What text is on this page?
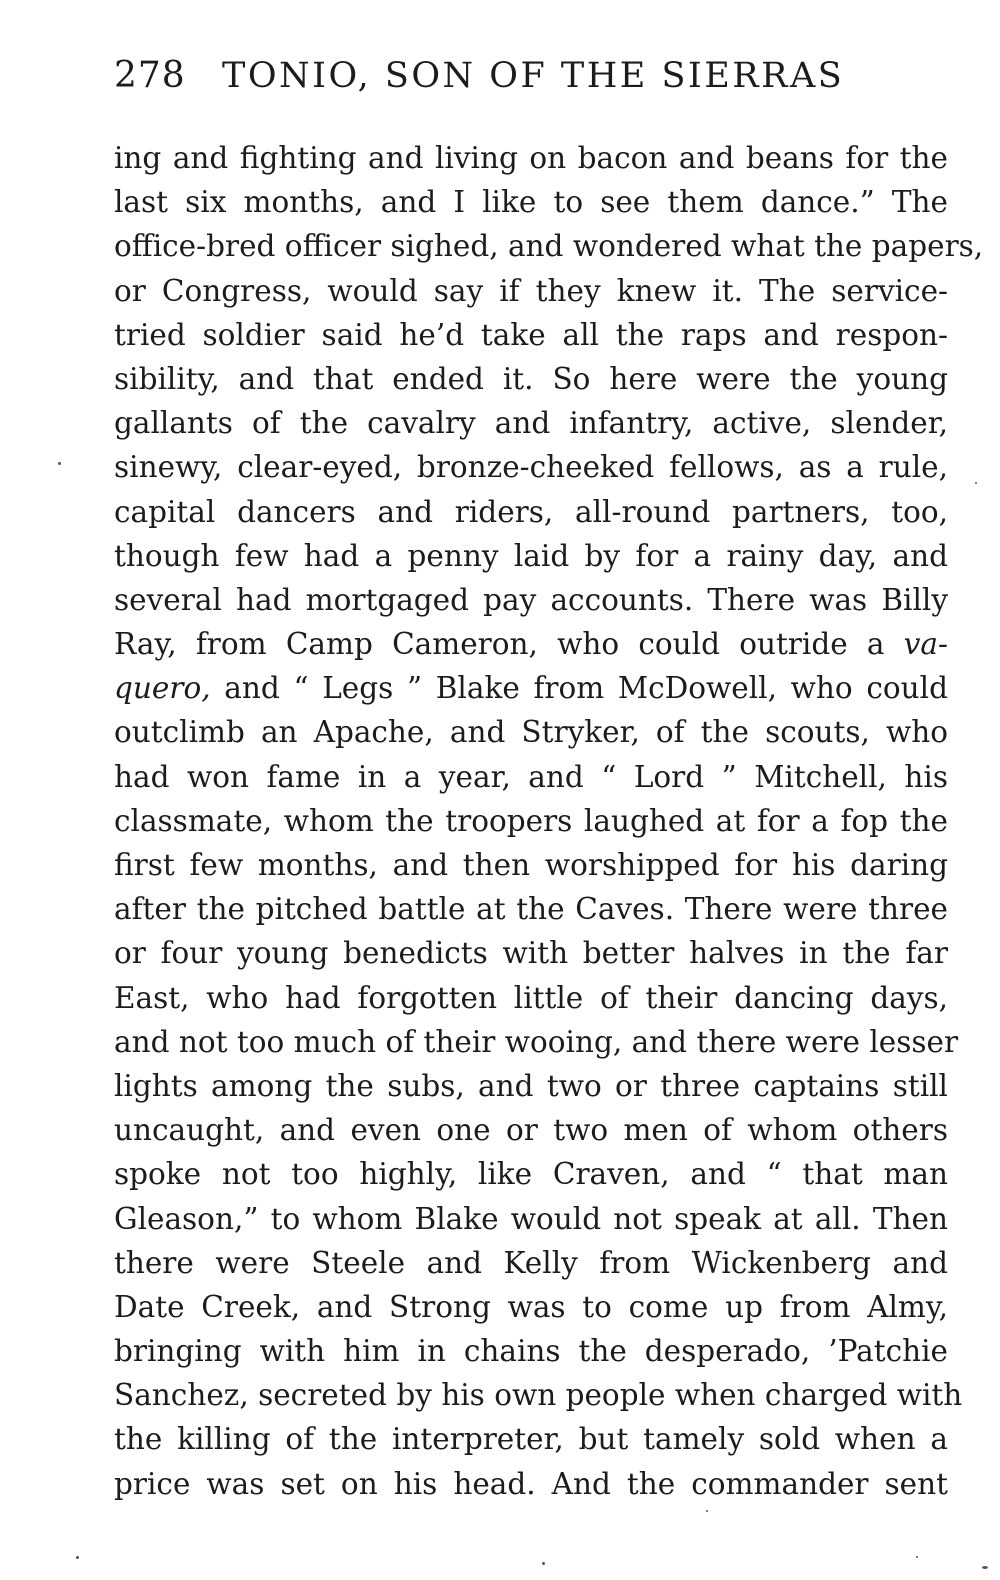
278 TONIO, SON OF THE SIERRAS
ing and fighting and living on bacon and beans for the
last six months, and I like to see them dance.” The
office-bred officer sighed, and wondered what the papers,
or Congress, would say if they knew it. The service-
tried soldier said he’d take all the raps and respon-
sibility, and that ended it. So here were the young
gallants of the cavalry and infantry, active, slender,
sinewy, clear-eyed, bronze-cheeked fellows, as a rule,
capital dancers and riders, all-round partners, too,
though few had a penny laid by for a rainy day, and
several had mortgaged pay accounts. There was Billy
Ray, from Camp Cameron, who could outride a va-
quero, and “ Legs ” Blake from McDowell, who could
outclimb an Apache, and Stryker, of the scouts, who
had won fame in a year, and “ Lord ” Mitchell, his
classmate, whom the troopers laughed at for a fop the
first few months, and then worshipped for his daring
after the pitched battle at the Caves. There were three
or four young benedicts with better halves in the far
East, who had forgotten little of their dancing days,
and not too much of their wooing, and there were lesser
lights among the subs, and two or three captains still
uncaught, and even one or two men of whom others
spoke not too highly, like Craven, and “ that man
Gleason,” to whom Blake would not speak at all. Then
there were Steele and Kelly from Wickenberg and
Date Creek, and Strong was to come up from Almy,
bringing with him in chains the desperado, ’Patchie
Sanchez, secreted by his own people when charged with
the killing of the interpreter, but tamely sold when a
price was set on his head. And the commander sent
